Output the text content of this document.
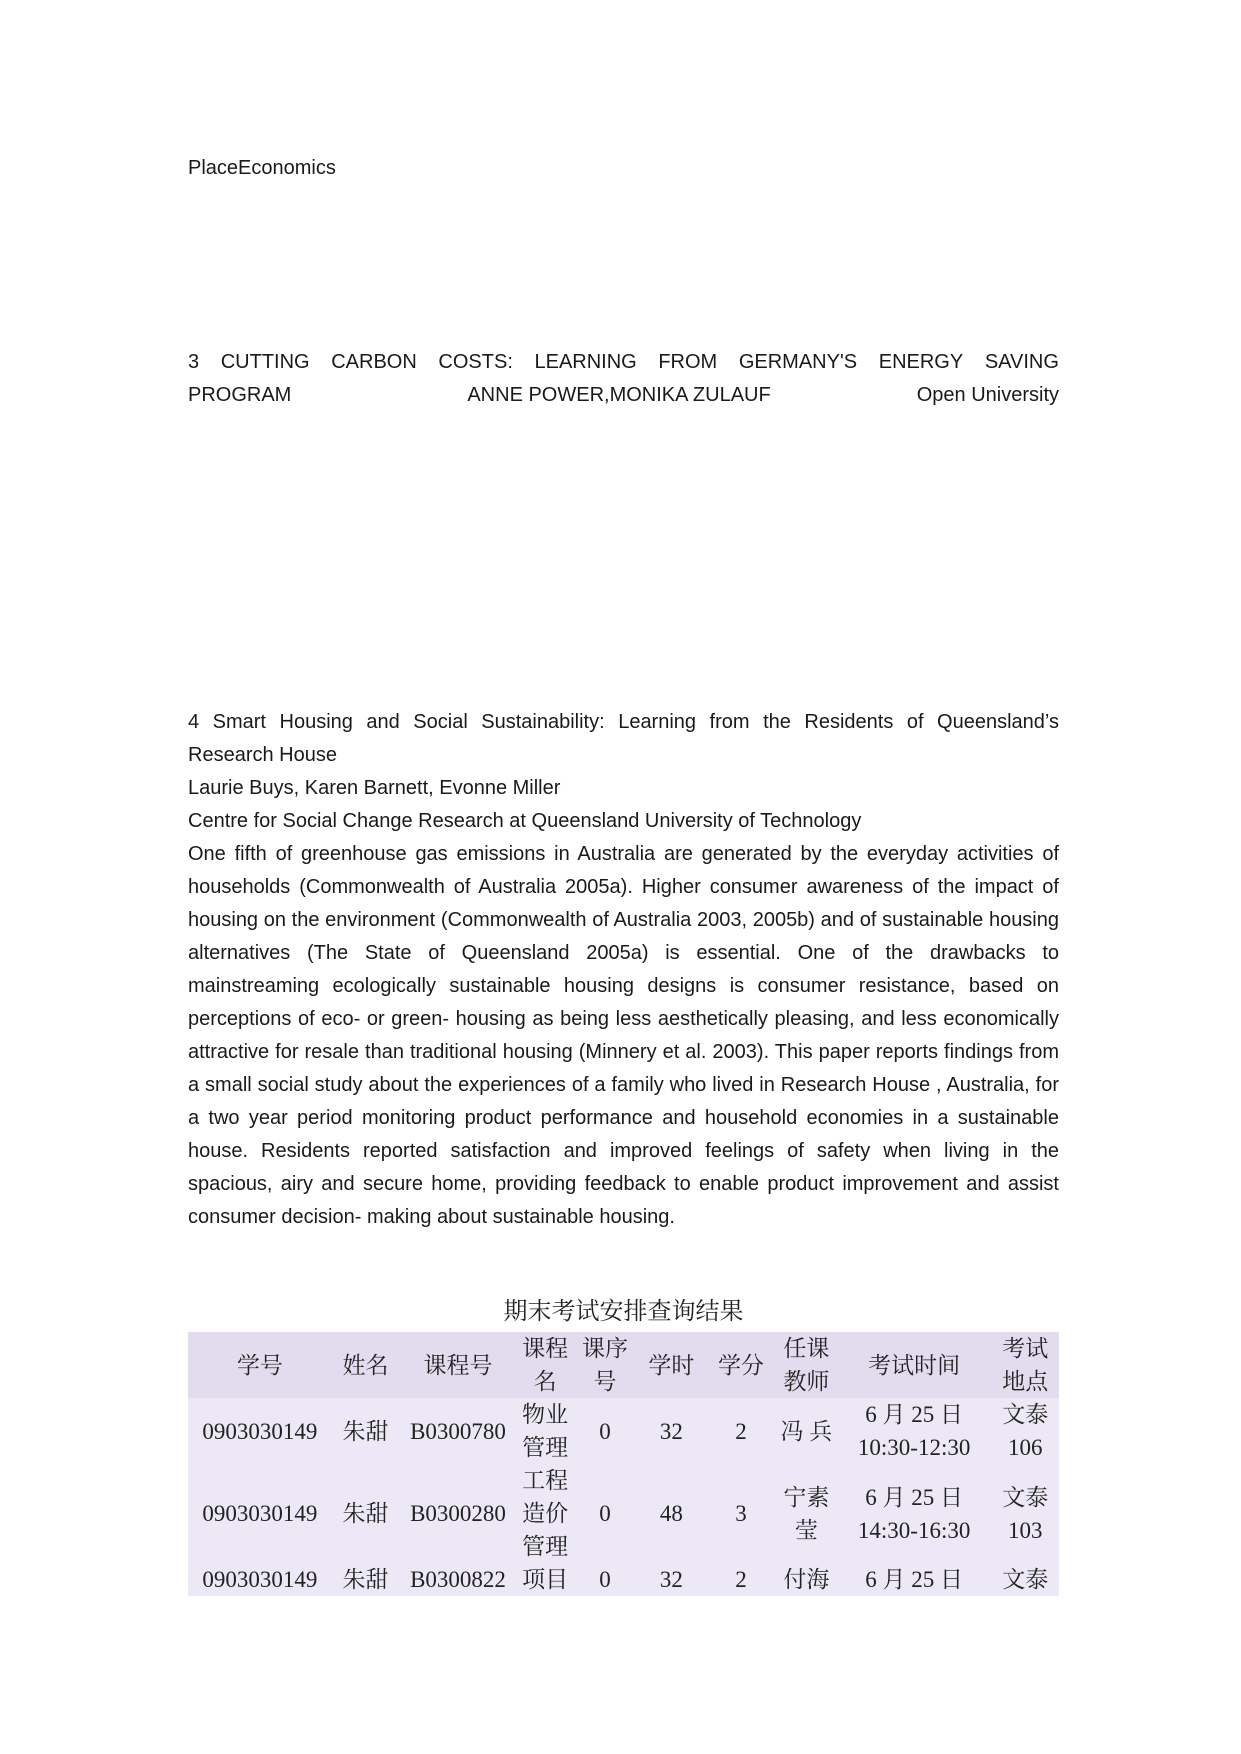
PlaceEconomics
3 CUTTING CARBON COSTS: LEARNING FROM GERMANY'S ENERGY SAVING
PROGRAM	ANNE POWER,MONIKA ZULAUF	Open University
4 Smart Housing and Social Sustainability: Learning from the Residents of Queensland’s Research House
Laurie Buys, Karen Barnett, Evonne Miller
Centre for Social Change Research at Queensland University of Technology
One fifth of greenhouse gas emissions in Australia are generated by the everyday activities of households (Commonwealth of Australia 2005a). Higher consumer awareness of the impact of housing on the environment (Commonwealth of Australia 2003, 2005b) and of sustainable housing alternatives (The State of Queensland 2005a) is essential. One of the drawbacks to mainstreaming ecologically sustainable housing designs is consumer resistance, based on perceptions of eco- or green- housing as being less aesthetically pleasing, and less economically attractive for resale than traditional housing (Minnery et al. 2003). This paper reports findings from a small social study about the experiences of a family who lived in Research House , Australia, for a two year period monitoring product performance and household economies in a sustainable house. Residents reported satisfaction and improved feelings of safety when living in the spacious, airy and secure home, providing feedback to enable product improvement and assist consumer decision- making about sustainable housing.
期末考试安排查询结果
学号	姓名	课程号	课程名	课序号	学时	学分	任课教师	考试时间	考试地点
0903030149	朱甜	B0300780	物业管理	0	32	2	冯 兵	6 月 25 日 10:30-12:30	文泰 106
0903030149	朱甜	B0300280	工程造价管理	0	48	3	宁素莹	6 月 25 日 14:30-16:30	文泰 103
0903030149	朱甜	B0300822	项目	0	32	2	付海	6 月 25 日	文泰
